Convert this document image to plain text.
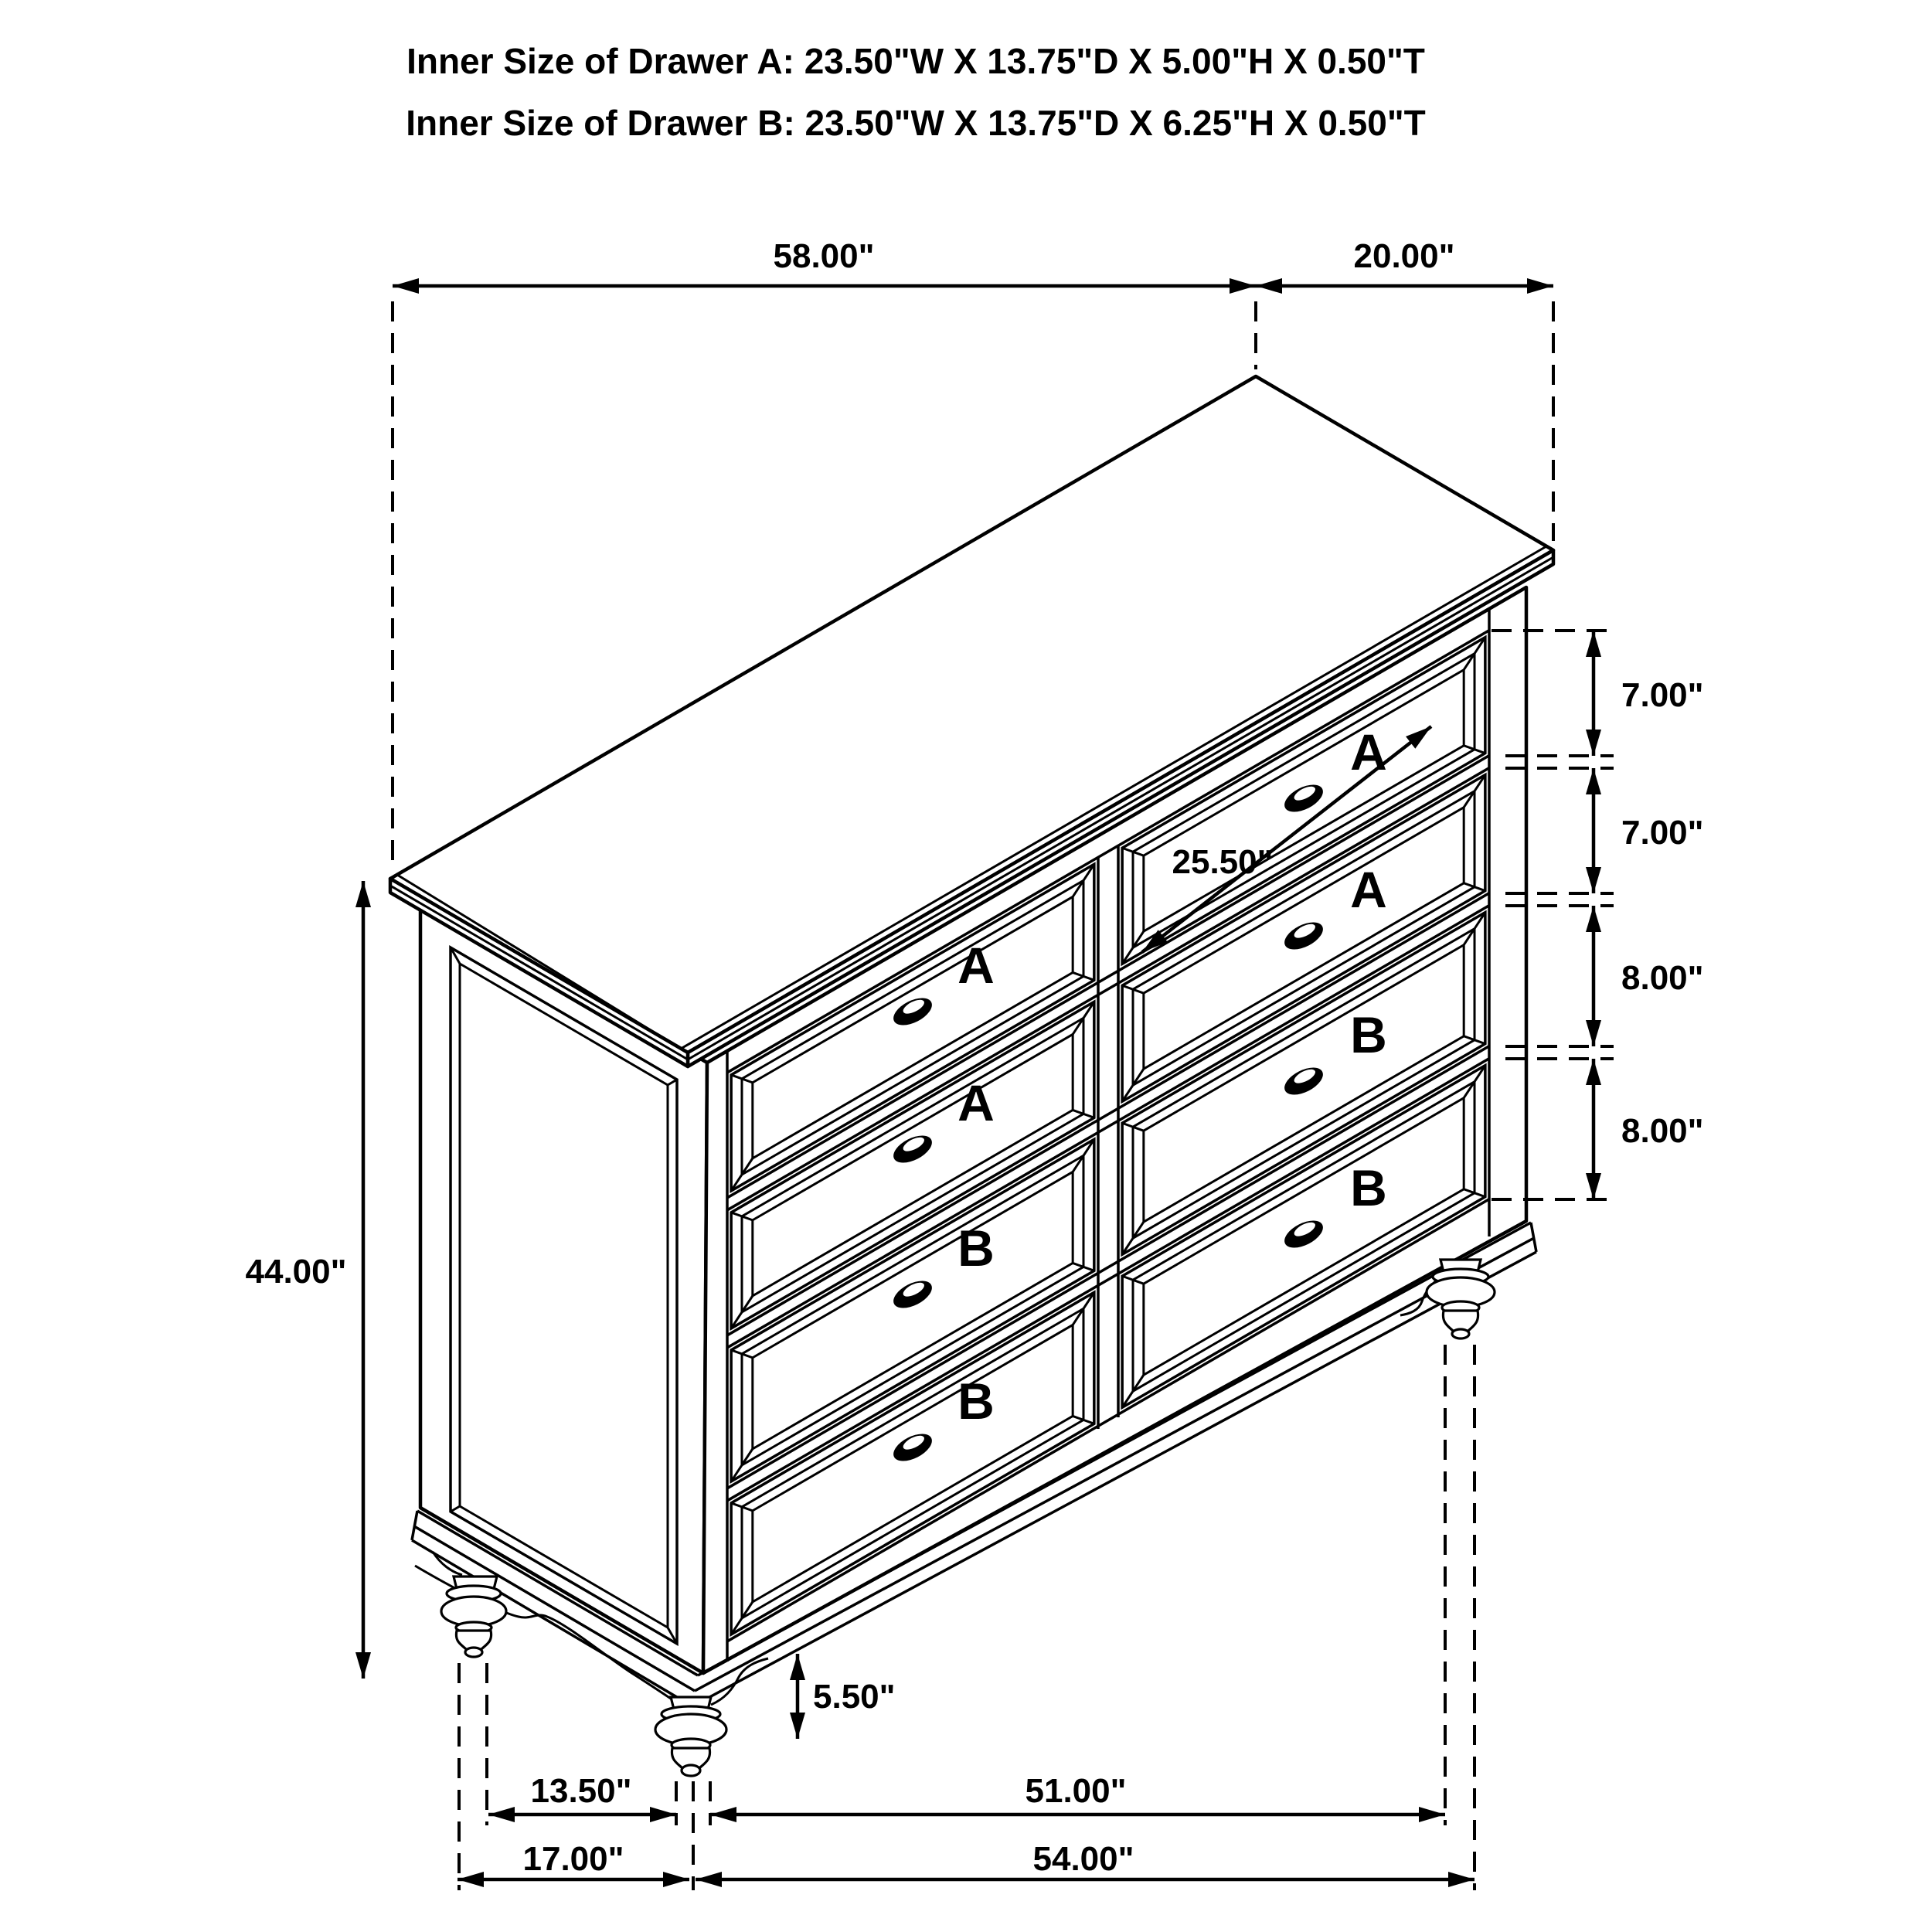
Inner Size of Drawer A: 23.50"W X 13.75"D X 5.00"H X 0.50"T
Inner Size of Drawer B: 23.50"W X 13.75"D X 6.25"H X 0.50"T
58.00"	20.00"
7.00"
7.00"
8.00"
8.00"
44.00"
25.50"
5.50"
13.50"	51.00"
17.00"	54.00"
A
A
B
B
A
A
B
B
